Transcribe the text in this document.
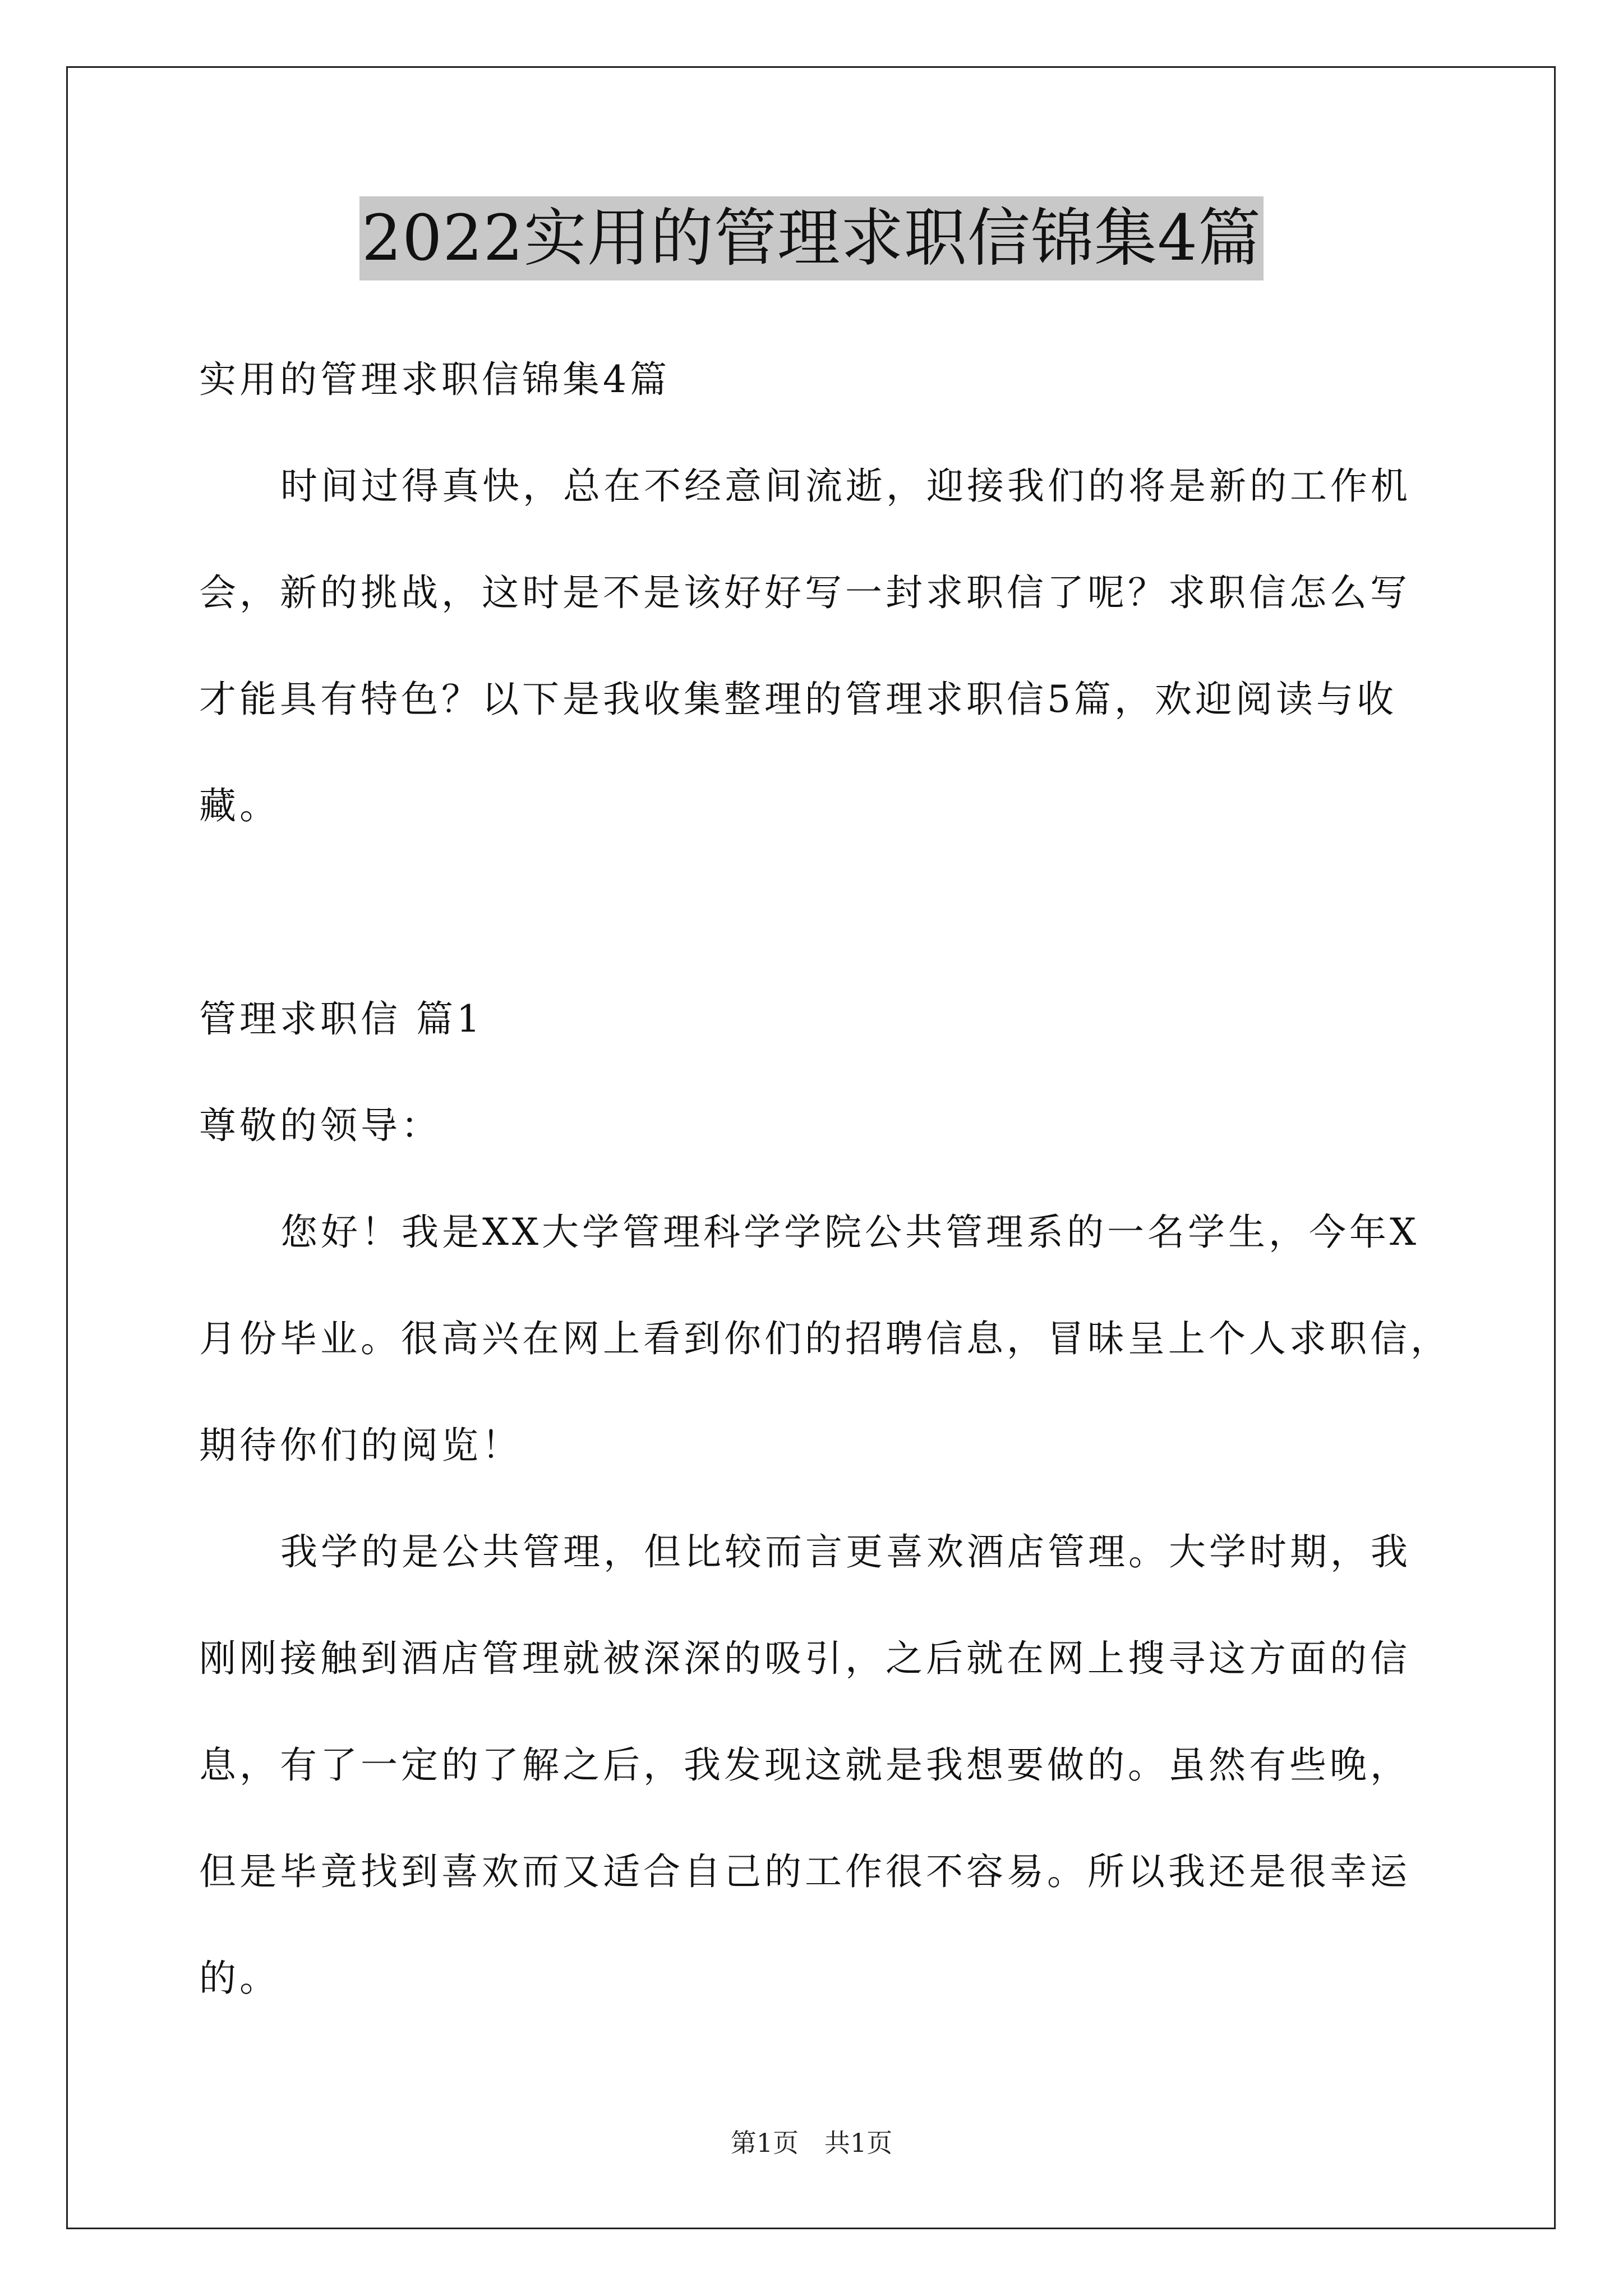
2022实用的管理求职信锦集4篇
实用的管理求职信锦集4篇
时间过得真快，总在不经意间流逝，迎接我们的将是新的工作机
会，新的挑战，这时是不是该好好写一封求职信了呢？求职信怎么写
才能具有特色？以下是我收集整理的管理求职信5篇，欢迎阅读与收
藏。
管理求职信 篇1
尊敬的领导：
您好！我是XX大学管理科学学院公共管理系的一名学生，今年X
月份毕业。很高兴在网上看到你们的招聘信息，冒昧呈上个人求职信，
期待你们的阅览！
我学的是公共管理，但比较而言更喜欢酒店管理。大学时期，我
刚刚接触到酒店管理就被深深的吸引，之后就在网上搜寻这方面的信
息，有了一定的了解之后，我发现这就是我想要做的。虽然有些晚，
但是毕竟找到喜欢而又适合自己的工作很不容易。所以我还是很幸运
的。
第1页　共1页
